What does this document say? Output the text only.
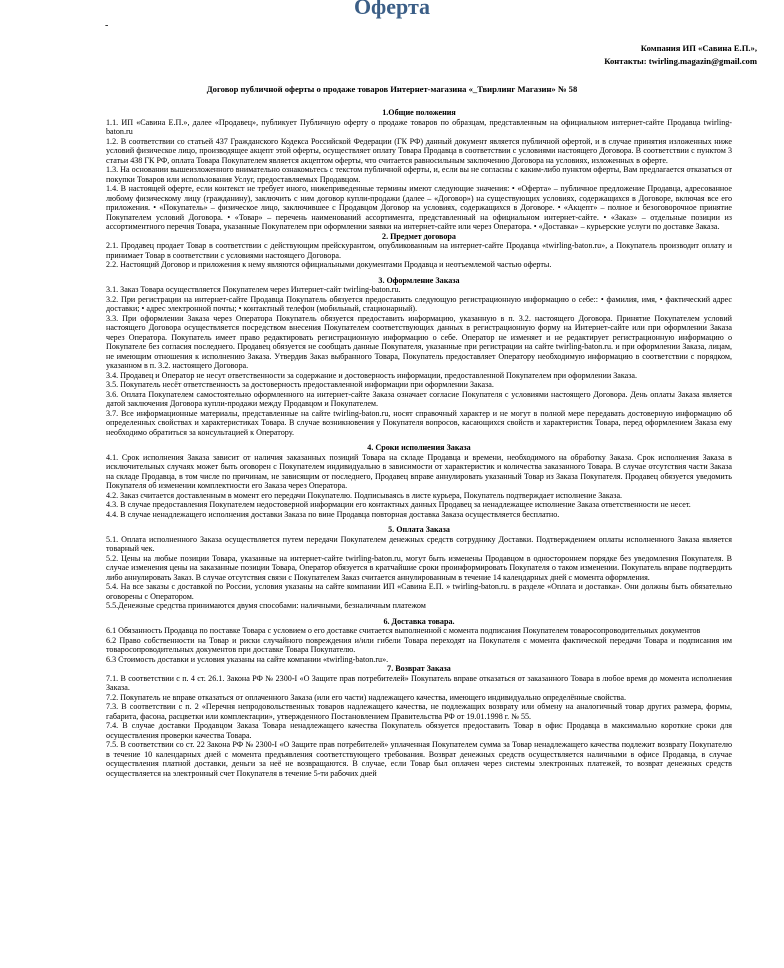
Оферта
-
Компания ИП «Савина Е.П.»,
Контакты: twirling.magazin@gmail.com
Договор публичной оферты о продаже товаров Интернет-магазина «_Твирлинг Магазин» № 58
1.Общие положения
1.1. ИП «Савина Е.П.», далее «Продавец», публикует Публичную оферту о продаже товаров по образцам, представленным на официальном интернет-сайте Продавца twirling-baton.ru
1.2. В соответствии со статьей 437 Гражданского Кодекса Российской Федерации (ГК РФ) данный документ является публичной офертой, и в случае принятия изложенных ниже условий физическое лицо, производящее акцепт этой оферты, осуществляет оплату Товара Продавца в соответствии с условиями настоящего Договора. В соответствии с пунктом 3 статьи 438 ГК РФ, оплата Товара Покупателем является акцептом оферты, что считается равносильным заключению Договора на условиях, изложенных в оферте.
1.3. На основании вышеизложенного внимательно ознакомьтесь с текстом публичной оферты, и, если вы не согласны с каким-либо пунктом оферты, Вам предлагается отказаться от покупки Товаров или использования Услуг, предоставляемых Продавцом.
1.4. В настоящей оферте, если контекст не требует иного, нижеприведенные термины имеют следующие значения: • «Оферта» – публичное предложение Продавца, адресованное любому физическому лицу (гражданину), заключить с ним договор купли-продажи (далее – «Договор») на существующих условиях, содержащихся в Договоре, включая все его приложения. • «Покупатель» – физическое лицо, заключившее с Продавцом Договор на условиях, содержащихся в Договоре. • «Акцепт» – полное и безоговорочное принятие Покупателем условий Договора. • «Товар» – перечень наименований ассортимента, представленный на официальном интернет-сайте. • «Заказ» – отдельные позиции из ассортиментного перечня Товара, указанные Покупателем при оформлении заявки на интернет-сайте или через Оператора. • «Доставка» – курьерские услуги по доставке Заказа.
2. Предмет договора
2.1. Продавец продает Товар в соответствии с действующим прейскурантом, опубликованным на интернет-сайте Продавца «twirling-baton.ru», а Покупатель производит оплату и принимает Товар в соответствии с условиями настоящего Договора.
2.2. Настоящий Договор и приложения к нему являются официальными документами Продавца и неотъемлемой частью оферты.
3. Оформление Заказа
3.1. Заказ Товара осуществляется Покупателем через Интернет-сайт twirling-baton.ru.
3.2. При регистрации на интернет-сайте Продавца Покупатель обязуется предоставить следующую регистрационную информацию о себе:: • фамилия, имя, • фактический адрес доставки; • адрес электронной почты; • контактный телефон (мобильный, стационарный).
3.3. При оформлении Заказа через Оператора Покупатель обязуется предоставить информацию, указанную в п. 3.2. настоящего Договора. Принятие Покупателем условий настоящего Договора осуществляется посредством внесения Покупателем соответствующих данных в регистрационную форму на Интернет-сайте или при оформлении Заказа через Оператора. Покупатель имеет право редактировать регистрационную информацию о себе. Оператор не изменяет и не редактирует регистрационную информацию о Покупателе без согласия последнего. Продавец обязуется не сообщать данные Покупателя, указанные при регистрации на сайте twirling-baton.ru. и при оформлении Заказа, лицам, не имеющим отношения к исполнению Заказа. Утвердив Заказ выбранного Товара, Покупатель предоставляет Оператору необходимую информацию в соответствии с порядком, указанном в п. 3.2. настоящего Договора.
3.4. Продавец и Оператор не несут ответственности за содержание и достоверность информации, предоставленной Покупателем при оформлении Заказа.
3.5. Покупатель несёт ответственность за достоверность предоставленной информации при оформлении Заказа.
3.6. Оплата Покупателем самостоятельно оформленного на интернет-сайте Заказа означает согласие Покупателя с условиями настоящего Договора. День оплаты Заказа является датой заключения Договора купли-продажи между Продавцом и Покупателем.
3.7. Все информационные материалы, представленные на сайте twirling-baton.ru, носят справочный характер и не могут в полной мере передавать достоверную информацию об определенных свойствах и характеристиках Товара. В случае возникновения у Покупателя вопросов, касающихся свойств и характеристик Товара, перед оформлением Заказа ему необходимо обратиться за консультацией к Оператору.
4. Сроки исполнения Заказа
4.1. Срок исполнения Заказа зависит от наличия заказанных позиций Товара на складе Продавца и времени, необходимого на обработку Заказа. Срок исполнения Заказа в исключительных случаях может быть оговорен с Покупателем индивидуально в зависимости от характеристик и количества заказанного Товара. В случае отсутствия части Заказа на складе Продавца, в том числе по причинам, не зависящим от последнего, Продавец вправе аннулировать указанный Товар из Заказа Покупателя. Продавец обязуется уведомить Покупателя об изменении комплектности его Заказа через Оператора.
4.2. Заказ считается доставленным в момент его передачи Покупателю. Подписываясь в листе курьера, Покупатель подтверждает исполнение Заказа.
4.3. В случае предоставления Покупателем недостоверной информации его контактных данных Продавец за ненадлежащее исполнение Заказа ответственности не несет.
4.4. В случае ненадлежащего исполнения доставки Заказа по вине Продавца повторная доставка Заказа осуществляется бесплатно.
5. Оплата Заказа
5.1. Оплата исполненного Заказа осуществляется путем передачи Покупателем денежных средств сотруднику Доставки. Подтверждением оплаты исполненного Заказа является товарный чек.
5.2. Цены на любые позиции Товара, указанные на интернет-сайте twirling-baton.ru, могут быть изменены Продавцом в одностороннем порядке без уведомления Покупателя. В случае изменения цены на заказанные позиции Товара, Оператор обязуется в кратчайшие сроки проинформировать Покупателя о таком изменении. Покупатель вправе подтвердить либо аннулировать Заказ. В случае отсутствия связи с Покупателем Заказ считается аннулированным в течение 14 календарных дней с момента оформления.
5.4. На все заказы с доставкой по России, условия указаны на сайте компании ИП «Савина Е.П. » twirling-baton.ru. в разделе «Оплата и доставка». Они должны быть обязательно оговорены с Оператором.
5.5.Денежные средства принимаются двумя способами: наличными, безналичным платежом
6. Доставка товара.
6.1 Обязанность Продавца по поставке Товара с условием о его доставке считается выполненной с момента подписания Покупателем товаросопроводительных документов
6.2 Право собственности на Товар и риски случайного повреждения и/или гибели Товара переходят на Покупателя с момента фактической передачи Товара и подписания им товаросопроводительных документов при доставке Товара Покупателю.
6.3 Стоимость доставки и условия указаны на сайте компании «twirling-baton.ru».
7. Возврат Заказа
7.1. В соответствии с п. 4 ст. 26.1. Закона РФ № 2300-I «О Защите прав потребителей» Покупатель вправе отказаться от заказанного Товара в любое время до момента исполнения Заказа.
7.2. Покупатель не вправе отказаться от оплаченного Заказа (или его части) надлежащего качества, имеющего индивидуально определённые свойства.
7.3. В соответствии с п. 2 «Перечня непродовольственных товаров надлежащего качества, не подлежащих возврату или обмену на аналогичный товар других размера, формы, габарита, фасона, расцветки или комплектации», утвержденного Постановлением Правительства РФ от 19.01.1998 г. № 55.
7.4. В случае доставки Продавцом Заказа Товара ненадлежащего качества Покупатель обязуется предоставить Товар в офис Продавца в максимально короткие сроки для осуществления проверки качества Товара.
7.5. В соответствии со ст. 22 Закона РФ № 2300-I «О Защите прав потребителей» уплаченная Покупателем сумма за Товар ненадлежащего качества подлежит возврату Покупателю в течение 10 календарных дней с момента предъявления соответствующего требования. Возврат денежных средств осуществляется наличными в офисе Продавца, в случае осуществления платной доставки, деньги за неё не возвращаются. В случае, если Товар был оплачен через системы электронных платежей, то возврат денежных средств осуществляется на электронный счет Покупателя в течение 5-ти рабочих дней
